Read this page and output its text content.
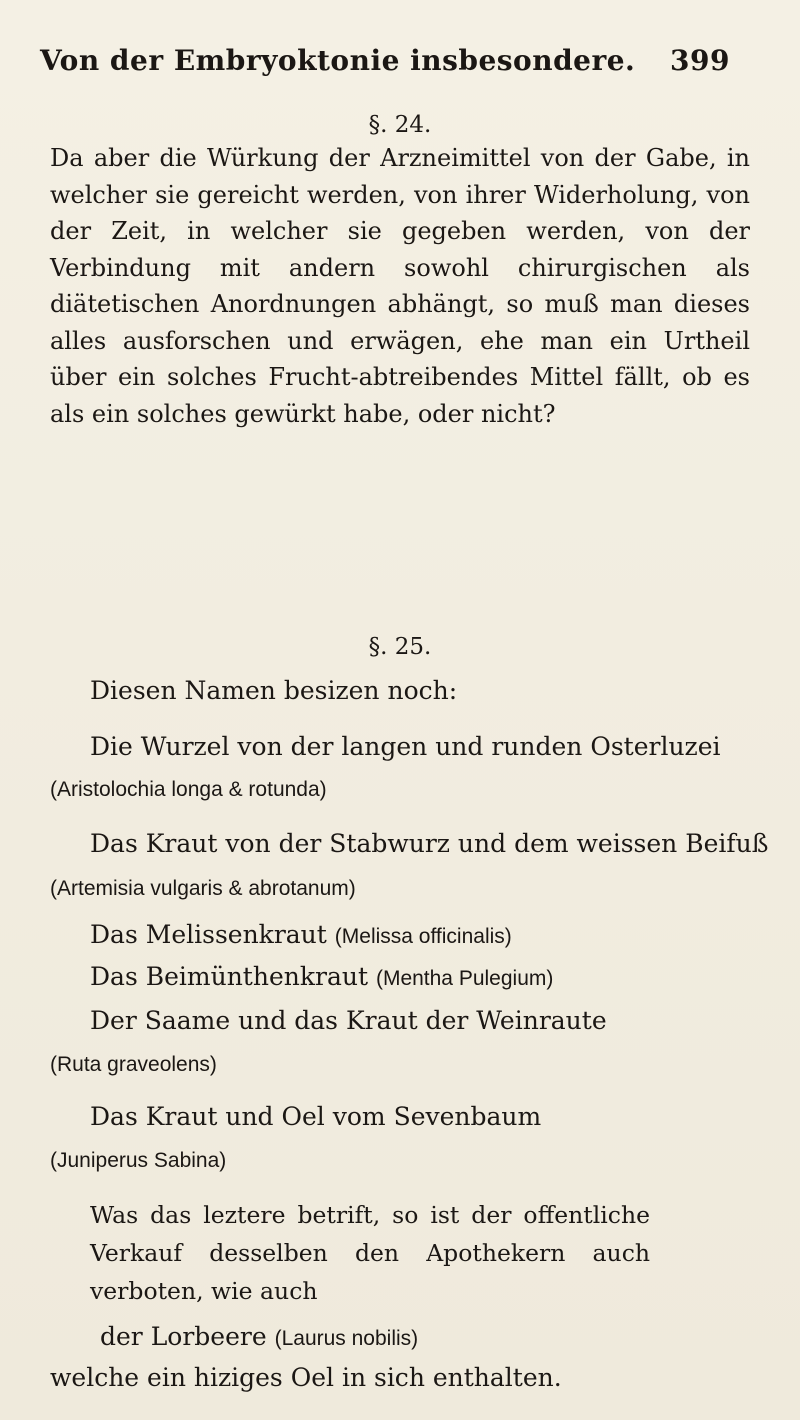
Von der Embryoktonie insbesondere. 399
§. 24.
Da aber die Würkung der Arzneimittel von der Gabe, in welcher sie gereicht werden, von ihrer Widerholung, von der Zeit, in welcher sie gegeben werden, von der Verbindung mit andern sowohl chirurgischen als diätetischen Anordnungen abhängt, so muß man dieses alles ausforschen und erwägen, ehe man ein Urtheil über ein solches Frucht-abtreibendes Mittel fällt, ob es als ein solches gewürkt habe, oder nicht?
§. 25.
Diesen Namen besizen noch:
Die Wurzel von der langen und runden Osterluzei
(Aristolochia longa & rotunda)
Das Kraut von der Stabwurz und dem weissen Beifuß
(Artemisia vulgaris & abrotanum)
Das Melissenkraut (Melissa officinalis)
Das Beimünthenkraut (Mentha Pulegium)
Der Saame und das Kraut der Weinraute
(Ruta graveolens)
Das Kraut und Oel vom Sevenbaum
(Juniperus Sabina)
Was das leztere betrift, so ist der offentliche Verkauf desselben den Apothekern auch verboten, wie auch
der Lorbeere (Laurus nobilis)
welche ein hiziges Oel in sich enthalten.
